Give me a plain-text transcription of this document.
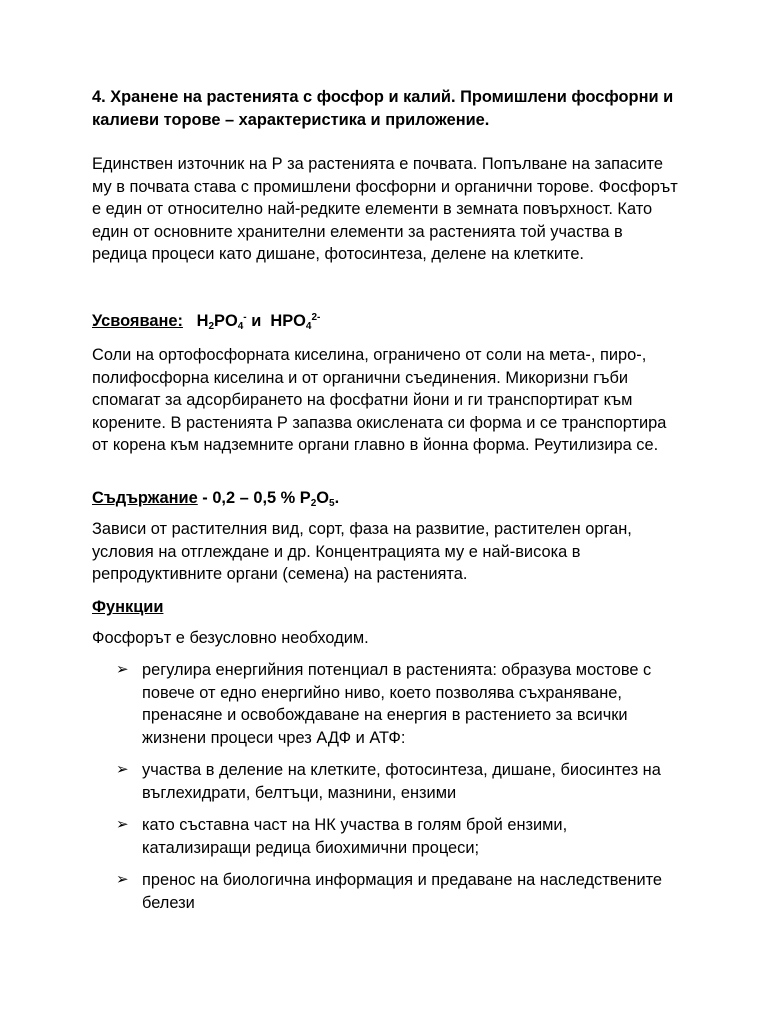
4. Хранене на растенията с фосфор и калий. Промишлени фосфорни и
калиеви торове – характеристика и приложение.
Единствен източник на Р за растенията е почвата. Попълване на запасите
му в почвата става с промишлени фосфорни и органични торове. Фосфорът
е един от относително най-редките елементи в земната повърхност. Като
един от основните хранителни елементи за растенията той участва в
редица процеси като дишане, фотосинтеза, делене на клетките.
Усвояване: $H_2PO_4^-$ и $HPO_4^{2-}$
Соли на ортофосфорната киселина, ограничено от соли на мета-, пиро-,
полифосфорна киселина и от органични съединения. Микоризни гъби
спомагат за адсорбирането на фосфатни йони и ги транспортират към
корените. В растенията Р запазва окислената си форма и се транспортира
от корена към надземните органи главно в йонна форма. Реутилизира се.
Съдържание - 0,2 – 0,5 % $P_2O_5$.
Зависи от растителния вид, сорт, фаза на развитие, растителен орган,
условия на отглеждане и др. Концентрацията му е най-висока в
репродуктивните органи (семена) на растенията.
Функции
Фосфорът е безусловно необходим.
➢ регулира енергийния потенциал в растенията: образува мостове с
повече от едно енергийно ниво, което позволява съхраняване,
пренасяне и освобождаване на енергия в растението за всички
жизнени процеси чрез АДФ и АТФ:
➢ участва в деление на клетките, фотосинтеза, дишане, биосинтез на
въглехидрати, белтъци, мазнини, ензими
➢ като съставна част на НК участва в голям брой ензими,
катализиращи редица биохимични процеси;
➢ пренос на биологична информация и предаване на наследствените
белези
